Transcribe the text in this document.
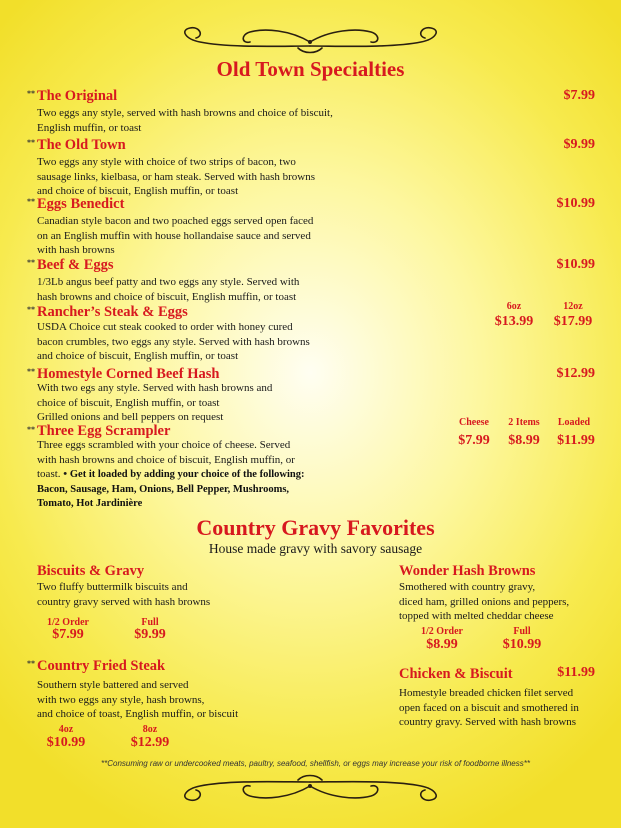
Old Town Specialties
** The Original	$7.99
Two eggs any style, served with hash browns and choice of biscuit,
English muffin, or toast
** The Old Town	$9.99
Two eggs any style with choice of two strips of bacon, two
sausage links, kielbasa, or ham steak. Served with hash browns
and choice of biscuit, English muffin, or toast
** Eggs Benedict	$10.99
Canadian style bacon and two poached eggs served open faced
on an English muffin with house hollandaise sauce and served
with hash browns
** Beef & Eggs	$10.99
1/3Lb angus beef patty and two eggs any style. Served with
hash browns and choice of biscuit, English muffin, or toast
** Rancher’s Steak & Eggs	6oz	12oz
$13.99	$17.99
USDA Choice cut steak cooked to order with honey cured
bacon crumbles, two eggs any style. Served with hash browns
and choice of biscuit, English muffin, or toast
** Homestyle Corned Beef Hash	$12.99
With two egs any style. Served with hash browns and
choice of biscuit, English muffin, or toast
Grilled onions and bell peppers on request
** Three Egg Scrampler
Cheese	2 Items	Loaded
$7.99	$8.99	$11.99
Three eggs scrambled with your choice of cheese. Served
with hash browns and choice of biscuit, English muffin, or
toast. • Get it loaded by adding your choice of the following:
Bacon, Sausage, Ham, Onions, Bell Pepper, Mushrooms,
Tomato, Hot Jardinière
Country Gravy Favorites
House made gravy with savory sausage
Biscuits & Gravy
Two fluffy buttermilk biscuits and
country gravy served with hash browns
1/2 Order	Full
$7.99	$9.99
** Country Fried Steak
Southern style battered and served
with two eggs any style, hash browns,
and choice of toast, English muffin, or biscuit
4oz	8oz
$10.99	$12.99
Wonder Hash Browns
Smothered with country gravy,
diced ham, grilled onions and peppers,
topped with melted cheddar cheese
1/2 Order	Full
$8.99	$10.99
Chicken & Biscuit	$11.99
Homestyle breaded chicken filet served
open faced on a biscuit and smothered in
country gravy. Served with hash browns
**Consuming raw or undercooked meats, paultry, seafood, shellfish, or eggs may increase your risk of foodborne illness**
